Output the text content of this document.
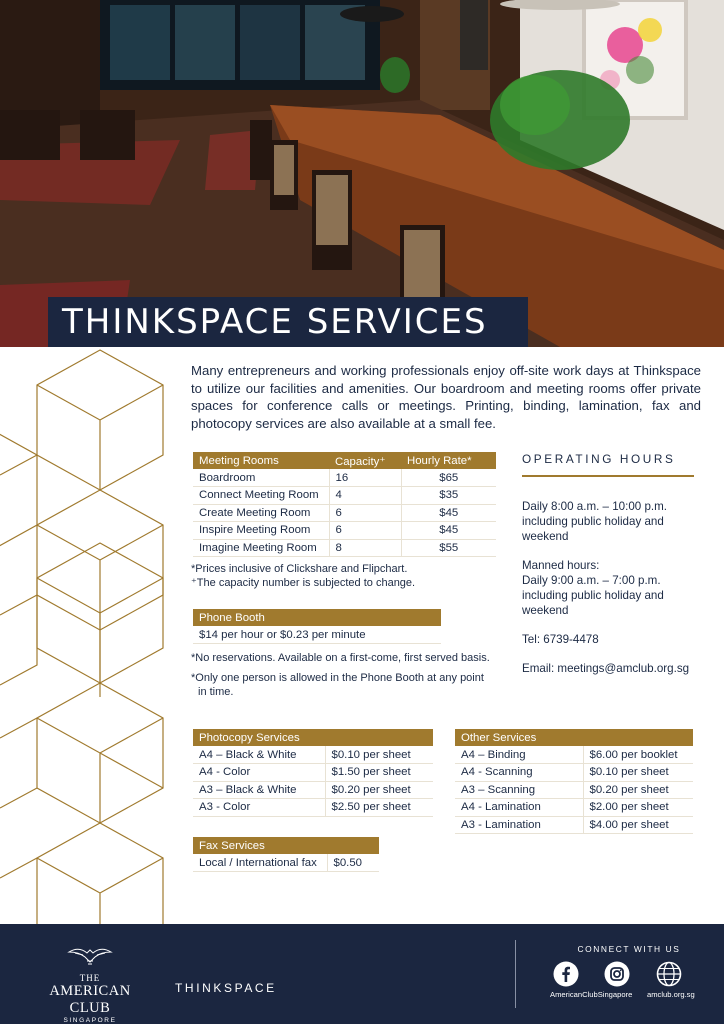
THINKSPACE SERVICES

Many entrepreneurs and working professionals enjoy off-site work days at Thinkspace to utilize our facilities and amenities. Our boardroom and meeting rooms offer private spaces for conference calls or meetings. Printing, binding, lamination, fax and photocopy services are also available at a small fee.

Meeting Rooms	Capacity⁺	Hourly Rate*
Boardroom	16	$65
Connect Meeting Room	4	$35
Create Meeting Room	6	$45
Inspire Meeting Room	6	$45
Imagine Meeting Room	8	$55
*Prices inclusive of Clickshare and Flipchart.
⁺The capacity number is subjected to change.
Phone Booth
$14 per hour or $0.23 per minute
*No reservations. Available on a first-come, first served basis.
*Only one person is allowed in the Phone Booth at any point in time.
Photocopy Services	
A4 – Black & White	$0.10 per sheet
A4 - Color	$1.50 per sheet
A3 – Black & White	$0.20 per sheet
A3 - Color	$2.50 per sheet
Other Services	
A4 – Binding	$6.00 per booklet
A4 - Scanning	$0.10 per sheet
A3 – Scanning	$0.20 per sheet
A4 - Lamination	$2.00 per sheet
A3 - Lamination	$4.00 per sheet
Fax Services
Local / International fax	$0.50
OPERATING HOURS

Daily 8:00 a.m. – 10:00 p.m. including public holiday and weekend

Manned hours:
Daily 9:00 a.m. – 7:00 p.m. including public holiday and weekend

Tel: 6739-4478

Email: meetings@amclub.org.sg

THE
AMERICAN CLUB
SINGAPORE
THINKSPACE
CONNECT WITH US
AmericanClubSingapore amclub.org.sg
